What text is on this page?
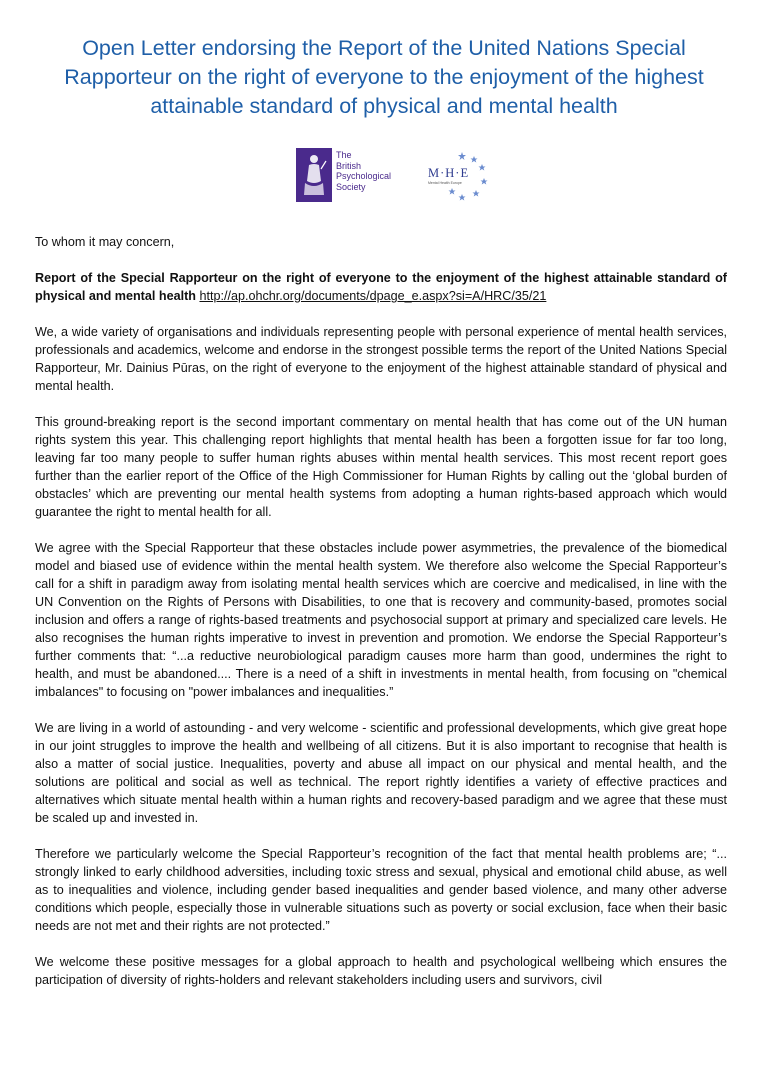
Open Letter endorsing the Report of the United Nations Special Rapporteur on the right of everyone to the enjoyment of the highest attainable standard of physical and mental health
The
British
Psychological
Society
M·H·E
Mental Health Europe

To whom it may concern,

Report of the Special Rapporteur on the right of everyone to the enjoyment of the highest attainable standard of physical and mental health http://ap.ohchr.org/documents/dpage_e.aspx?si=A/HRC/35/21

We, a wide variety of organisations and individuals representing people with personal experience of mental health services, professionals and academics, welcome and endorse in the strongest possible terms the report of the United Nations Special Rapporteur, Mr. Dainius Pūras, on the right of everyone to the enjoyment of the highest attainable standard of physical and mental health.

This ground-breaking report is the second important commentary on mental health that has come out of the UN human rights system this year. This challenging report highlights that mental health has been a forgotten issue for far too long, leaving far too many people to suffer human rights abuses within mental health services. This most recent report goes further than the earlier report of the Office of the High Commissioner for Human Rights by calling out the ‘global burden of obstacles’ which are preventing our mental health systems from adopting a human rights-based approach which would guarantee the right to mental health for all.

We agree with the Special Rapporteur that these obstacles include power asymmetries, the prevalence of the biomedical model and biased use of evidence within the mental health system. We therefore also welcome the Special Rapporteur’s call for a shift in paradigm away from isolating mental health services which are coercive and medicalised, in line with the UN Convention on the Rights of Persons with Disabilities, to one that is recovery and community-based, promotes social inclusion and offers a range of rights-based treatments and psychosocial support at primary and specialized care levels. He also recognises the human rights imperative to invest in prevention and promotion. We endorse the Special Rapporteur’s further comments that: “...a reductive neurobiological paradigm causes more harm than good, undermines the right to health, and must be abandoned.... There is a need of a shift in investments in mental health, from focusing on "chemical imbalances" to focusing on "power imbalances and inequalities.”

We are living in a world of astounding - and very welcome - scientific and professional developments, which give great hope in our joint struggles to improve the health and wellbeing of all citizens. But it is also important to recognise that health is also a matter of social justice. Inequalities, poverty and abuse all impact on our physical and mental health, and the solutions are political and social as well as technical. The report rightly identifies a variety of effective practices and alternatives which situate mental health within a human rights and recovery-based paradigm and we agree that these must be scaled up and invested in.

Therefore we particularly welcome the Special Rapporteur’s recognition of the fact that mental health problems are; “... strongly linked to early childhood adversities, including toxic stress and sexual, physical and emotional child abuse, as well as to inequalities and violence, including gender based inequalities and gender based violence, and many other adverse conditions which people, especially those in vulnerable situations such as poverty or social exclusion, face when their basic needs are not met and their rights are not protected.”

We welcome these positive messages for a global approach to health and psychological wellbeing which ensures the participation of diversity of rights-holders and relevant stakeholders including users and survivors, civil
